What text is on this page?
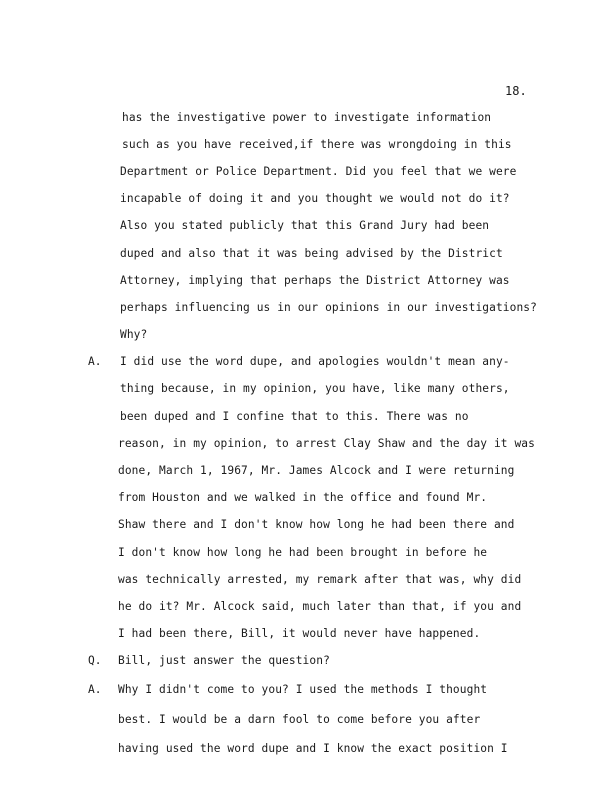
18.
has the investigative power to investigate information
such as you have received,if there was wrongdoing in this
Department or Police Department. Did you feel that we were
incapable of doing it and you thought we would not do it?
Also you stated publicly that this Grand Jury had been
duped and also that it was being advised by the District
Attorney, implying that perhaps the District Attorney was
perhaps influencing us in our opinions in our investigations?
Why?
A. I did use the word dupe, and apologies wouldn't mean any-
thing because, in my opinion, you have, like many others,
been duped and I confine that to this. There was no
reason, in my opinion, to arrest Clay Shaw and the day it was
done, March 1, 1967, Mr. James Alcock and I were returning
from Houston and we walked in the office and found Mr.
Shaw there and I don't know how long he had been there and
I don't know how long he had been brought in before he
was technically arrested, my remark after that was, why did
he do it? Mr. Alcock said, much later than that, if you and
I had been there, Bill, it would never have happened.
Q. Bill, just answer the question?
A. Why I didn't come to you? I used the methods I thought
best. I would be a darn fool to come before you after
having used the word dupe and I know the exact position I
